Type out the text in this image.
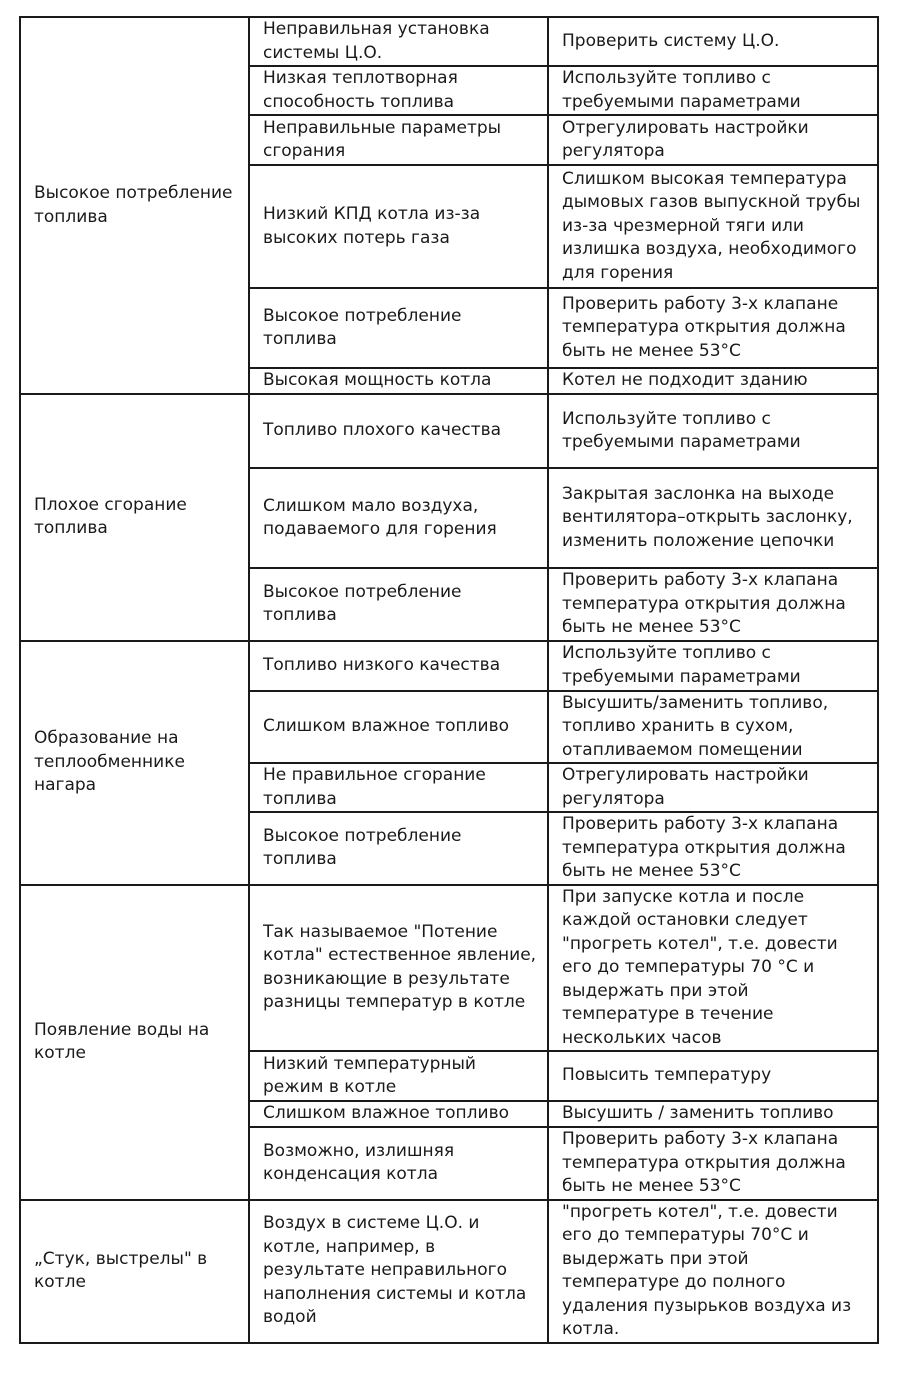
Высокое потребление топлива	Неправильная установка системы Ц.О.	Проверить систему Ц.О.
	Низкая теплотворная способность топлива	Используйте топливо с требуемыми параметрами
	Неправильные параметры сгорания	Отрегулировать настройки регулятора
	Низкий КПД котла из-за высоких потерь газа	Слишком высокая температура дымовых газов выпускной трубы из-за чрезмерной тяги или излишка воздуха, необходимого для горения
	Высокое потребление топлива	Проверить работу 3-х клапане температура открытия должна быть не менее 53°С
	Высокая мощность котла	Котел не подходит зданию
Плохое сгорание топлива	Топливо плохого качества	Используйте топливо с требуемыми параметрами
	Слишком мало воздуха, подаваемого для горения	Закрытая заслонка на выходе вентилятора–открыть заслонку, изменить положение цепочки
	Высокое потребление топлива	Проверить работу 3-х клапана температура открытия должна быть не менее 53°С
Образование на теплообменнике нагара	Топливо низкого качества	Используйте топливо с требуемыми параметрами
	Слишком влажное топливо	Высушить/заменить топливо, топливо хранить в сухом, отапливаемом помещении
	Не правильное сгорание топлива	Отрегулировать настройки регулятора
	Высокое потребление топлива	Проверить работу 3-х клапана температура открытия должна быть не менее 53°С
Появление воды на котле	Так называемое "Потение котла" естественное явление, возникающие в результате разницы температур в котле	При запуске котла и после каждой остановки следует "прогреть котел", т.е. довести его до температуры 70 °С и выдержать при этой температуре в течение нескольких часов
	Низкий температурный режим в котле	Повысить температуру
	Слишком влажное топливо	Высушить / заменить топливо
	Возможно, излишняя конденсация котла	Проверить работу 3-х клапана температура открытия должна быть не менее 53°С
„Стук, выстрелы" в котле	Воздух в системе Ц.О. и котле, например, в результате неправильного наполнения системы и котла водой	"прогреть котел", т.е. довести его до температуры 70°С и выдержать при этой температуре до полного удаления пузырьков воздуха из котла.
